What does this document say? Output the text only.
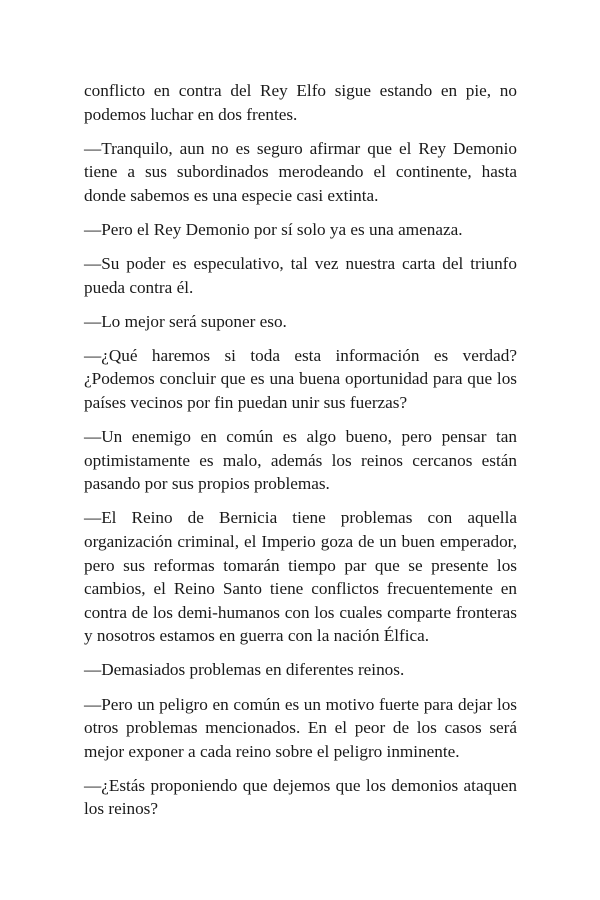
conflicto en contra del Rey Elfo sigue estando en pie, no podemos luchar en dos frentes.

—Tranquilo, aun no es seguro afirmar que el Rey Demonio tiene a sus subordinados merodeando el continente, hasta donde sabemos es una especie casi extinta.

—Pero el Rey Demonio por sí solo ya es una amenaza.

—Su poder es especulativo, tal vez nuestra carta del triunfo pueda contra él.

—Lo mejor será suponer eso.

—¿Qué haremos si toda esta información es verdad? ¿Podemos concluir que es una buena oportunidad para que los países vecinos por fin puedan unir sus fuerzas?

—Un enemigo en común es algo bueno, pero pensar tan optimistamente es malo, además los reinos cercanos están pasando por sus propios problemas.

—El Reino de Bernicia tiene problemas con aquella organización criminal, el Imperio goza de un buen emperador, pero sus reformas tomarán tiempo par que se presente los cambios, el Reino Santo tiene conflictos frecuentemente en contra de los demi-humanos con los cuales comparte fronteras y nosotros estamos en guerra con la nación Élfica.

—Demasiados problemas en diferentes reinos.

—Pero un peligro en común es un motivo fuerte para dejar los otros problemas mencionados. En el peor de los casos será mejor exponer a cada reino sobre el peligro inminente.

—¿Estás proponiendo que dejemos que los demonios ataquen los reinos?
